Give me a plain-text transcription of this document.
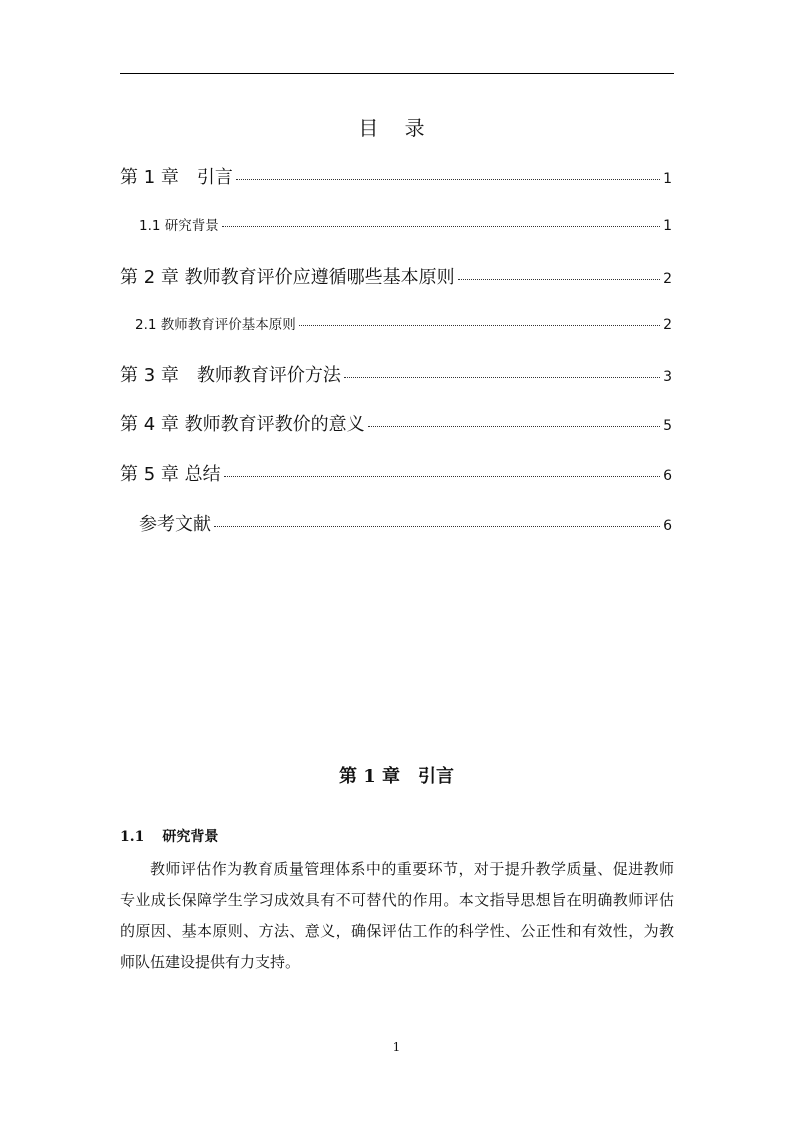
目 录
第 1 章　引言	1
1.1 研究背景	1
第 2 章 教师教育评价应遵循哪些基本原则	2
2.1 教师教育评价基本原则	2
第 3 章　教师教育评价方法	3
第 4 章 教师教育评教价的意义	5
第 5 章 总结	6
参考文献	6
第 1 章　引言
1.1 研究背景

教师评估作为教育质量管理体系中的重要环节，对于提升教学质量、促进教师专业成长保障学生学习成效具有不可替代的作用。本文指导思想旨在明确教师评估的原因、基本原则、方法、意义，确保评估工作的科学性、公正性和有效性，为教师队伍建设提供有力支持。

1
